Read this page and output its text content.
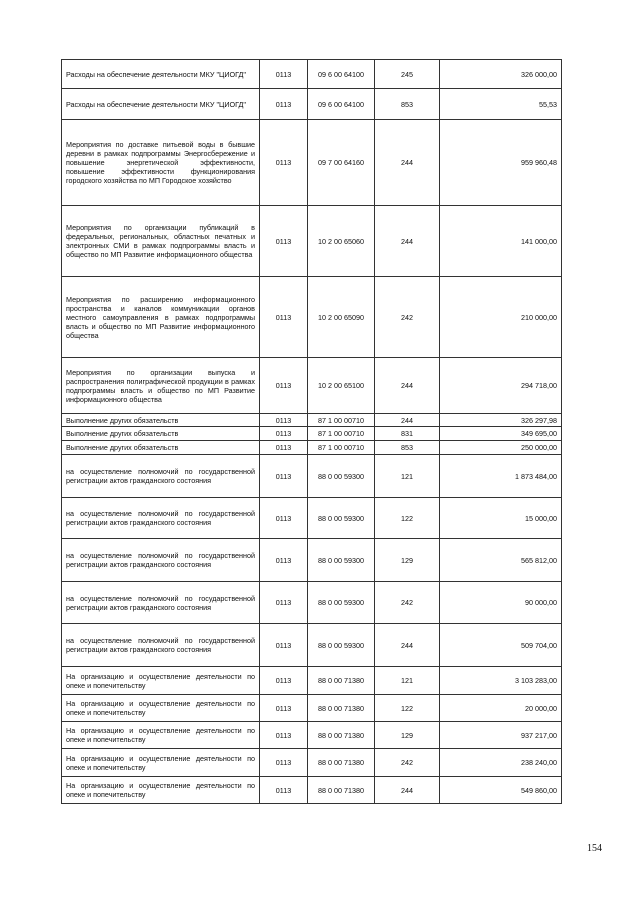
Расходы на обеспечение деятельности МКУ "ЦИОГД"	0113	09 6 00 64100	245	326 000,00
Расходы на обеспечение деятельности МКУ "ЦИОГД"	0113	09 6 00 64100	853	55,53
Мероприятия по доставке питьевой воды в бывшие деревни в рамках подпрограммы Энергосбережение и повышение энергетической эффективности, повышение эффективности функционирования городского хозяйства по МП Городское хозяйство	0113	09 7 00 64160	244	959 960,48
Мероприятия по организации публикаций в федеральных, региональных, областных печатных и электронных СМИ в рамках подпрограммы власть и общество по МП Развитие информационного общества	0113	10 2 00 65060	244	141 000,00
Мероприятия по расширению информационного пространства и каналов коммуникации органов местного самоуправления в рамках подпрограммы власть и общество по МП Развитие информационного общества	0113	10 2 00 65090	242	210 000,00
Мероприятия по организации выпуска и распространения полиграфической продукции в рамках подпрограммы власть и общество по МП Развитие информационного общества	0113	10 2 00 65100	244	294 718,00
Выполнение других обязательств	0113	87 1 00 00710	244	326 297,98
Выполнение других обязательств	0113	87 1 00 00710	831	349 695,00
Выполнение других обязательств	0113	87 1 00 00710	853	250 000,00
на осуществление полномочий по государственной регистрации актов гражданского состояния	0113	88 0 00 59300	121	1 873 484,00
на осуществление полномочий по государственной регистрации актов гражданского состояния	0113	88 0 00 59300	122	15 000,00
на осуществление полномочий по государственной регистрации актов гражданского состояния	0113	88 0 00 59300	129	565 812,00
на осуществление полномочий по государственной регистрации актов гражданского состояния	0113	88 0 00 59300	242	90 000,00
на осуществление полномочий по государственной регистрации актов гражданского состояния	0113	88 0 00 59300	244	509 704,00
На организацию и осуществление деятельности по опеке и попечительству	0113	88 0 00 71380	121	3 103 283,00
На организацию и осуществление деятельности по опеке и попечительству	0113	88 0 00 71380	122	20 000,00
На организацию и осуществление деятельности по опеке и попечительству	0113	88 0 00 71380	129	937 217,00
На организацию и осуществление деятельности по опеке и попечительству	0113	88 0 00 71380	242	238 240,00
На организацию и осуществление деятельности по опеке и попечительству	0113	88 0 00 71380	244	549 860,00
154
